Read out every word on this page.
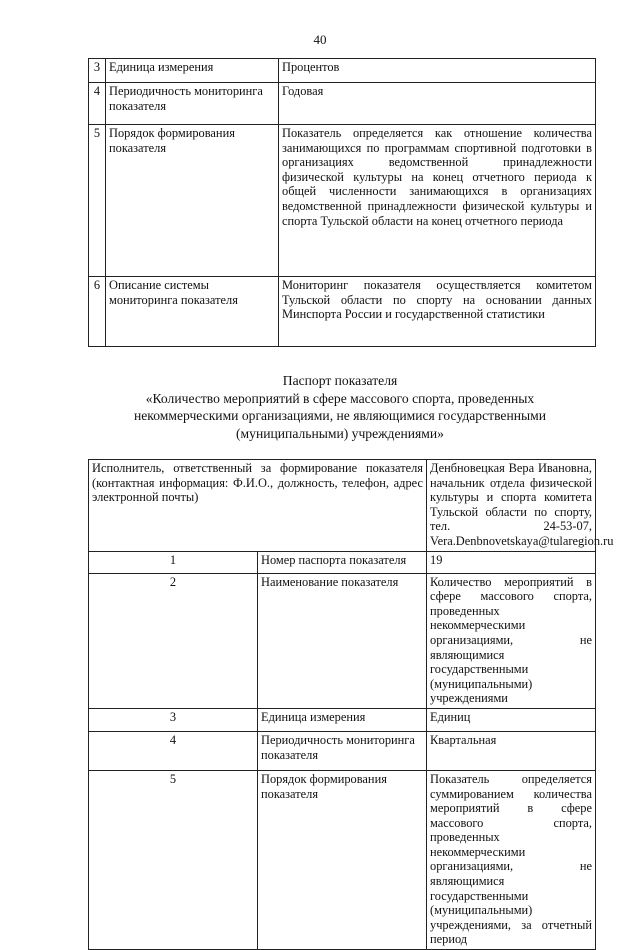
40
3	Единица измерения	Процентов
4	Периодичность мониторинга показателя	Годовая
5	Порядок формирования показателя	Показатель определяется как отношение количества занимающихся по программам спортивной подготовки в организациях ведомственной принадлежности физической культуры на конец отчетного периода к общей численности занимающихся в организациях ведомственной принадлежности физической культуры и спорта Тульской области на конец отчетного периода
6	Описание системы мониторинга показателя	Мониторинг показателя осуществляется комитетом Тульской области по спорту на основании данных Минспорта России и государственной статистики
Паспорт показателя
«Количество мероприятий в сфере массового спорта, проведенных
некоммерческими организациями, не являющимися государственными
(муниципальными) учреждениями»
Исполнитель, ответственный за формирование показателя (контактная информация: Ф.И.О., должность, телефон, адрес электронной почты)		Денбновецкая Вера Ивановна, начальник отдела физической культуры и спорта комитета Тульской области по спорту, тел. 24-53-07, Vera.Denbnovetskaya@tularegion.ru
1	Номер паспорта показателя	19
2	Наименование показателя	Количество мероприятий в сфере массового спорта, проведенных некоммерческими организациями, не являющимися государственными (муниципальными) учреждениями
3	Единица измерения	Единиц
4	Периодичность мониторинга показателя	Квартальная
5	Порядок формирования показателя	Показатель определяется суммированием количества мероприятий в сфере массового спорта, проведенных некоммерческими организациями, не являющимися государственными (муниципальными) учреждениями, за отчетный период
